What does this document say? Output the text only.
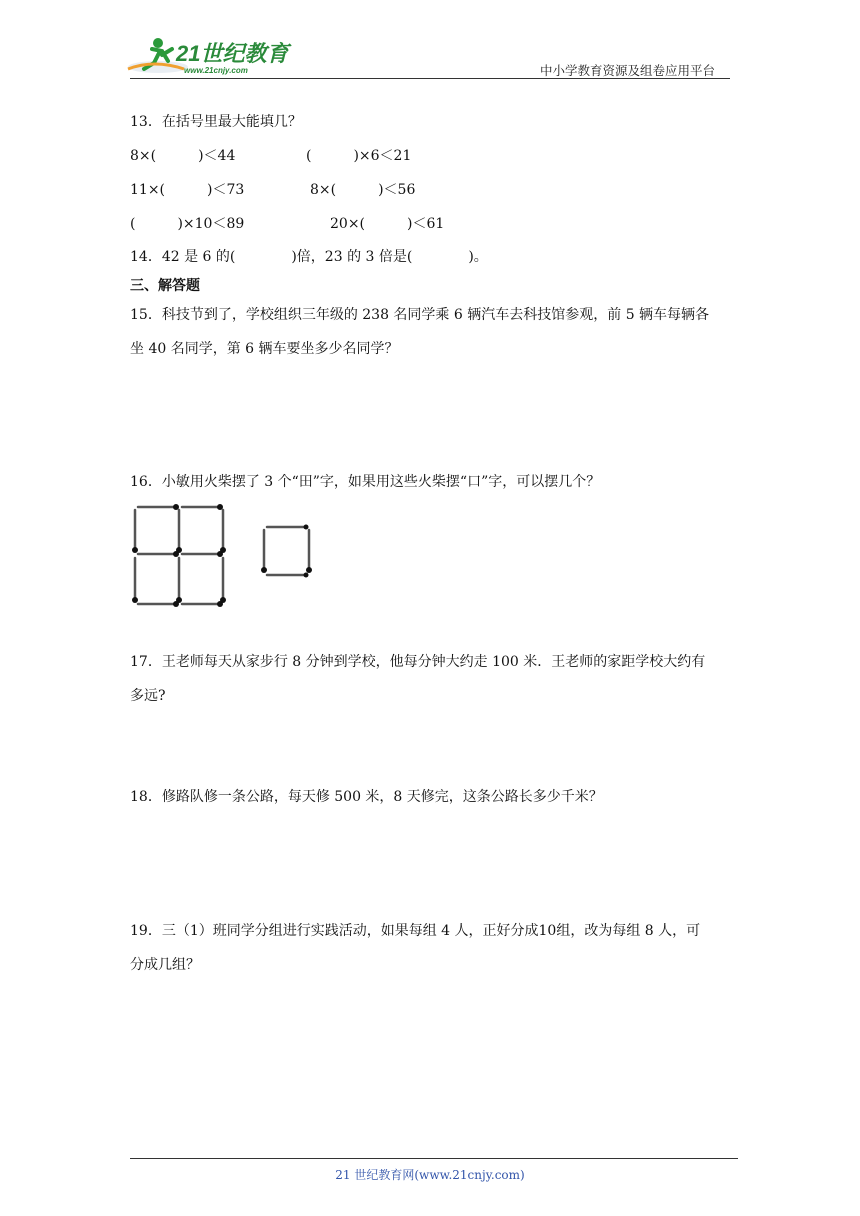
21世纪教育
www.21cnjy.com	中小学教育资源及组卷应用平台
13．在括号里最大能填几？
8×(　　　)＜44	(　　　)×6＜21
11×(　　　)＜73	8×(　　　)＜56
(　　　)×10＜89	20×(　　　)＜61
14．42 是 6 的(　　　　)倍，23 的 3 倍是(　　　　)。
三、解答题
15．科技节到了，学校组织三年级的 238 名同学乘 6 辆汽车去科技馆参观，前 5 辆车每辆各
坐 40 名同学，第 6 辆车要坐多少名同学？
16．小敏用火柴摆了 3 个“田”字，如果用这些火柴摆“口”字，可以摆几个？
17．王老师每天从家步行 8 分钟到学校，他每分钟大约走 100 米．王老师的家距学校大约有
多远?
18．修路队修一条公路，每天修 500 米，8 天修完，这条公路长多少千米？
19．三（1）班同学分组进行实践活动，如果每组 4 人，正好分成10组，改为每组 8 人，可
分成几组？
21 世纪教育网(www.21cnjy.com)
